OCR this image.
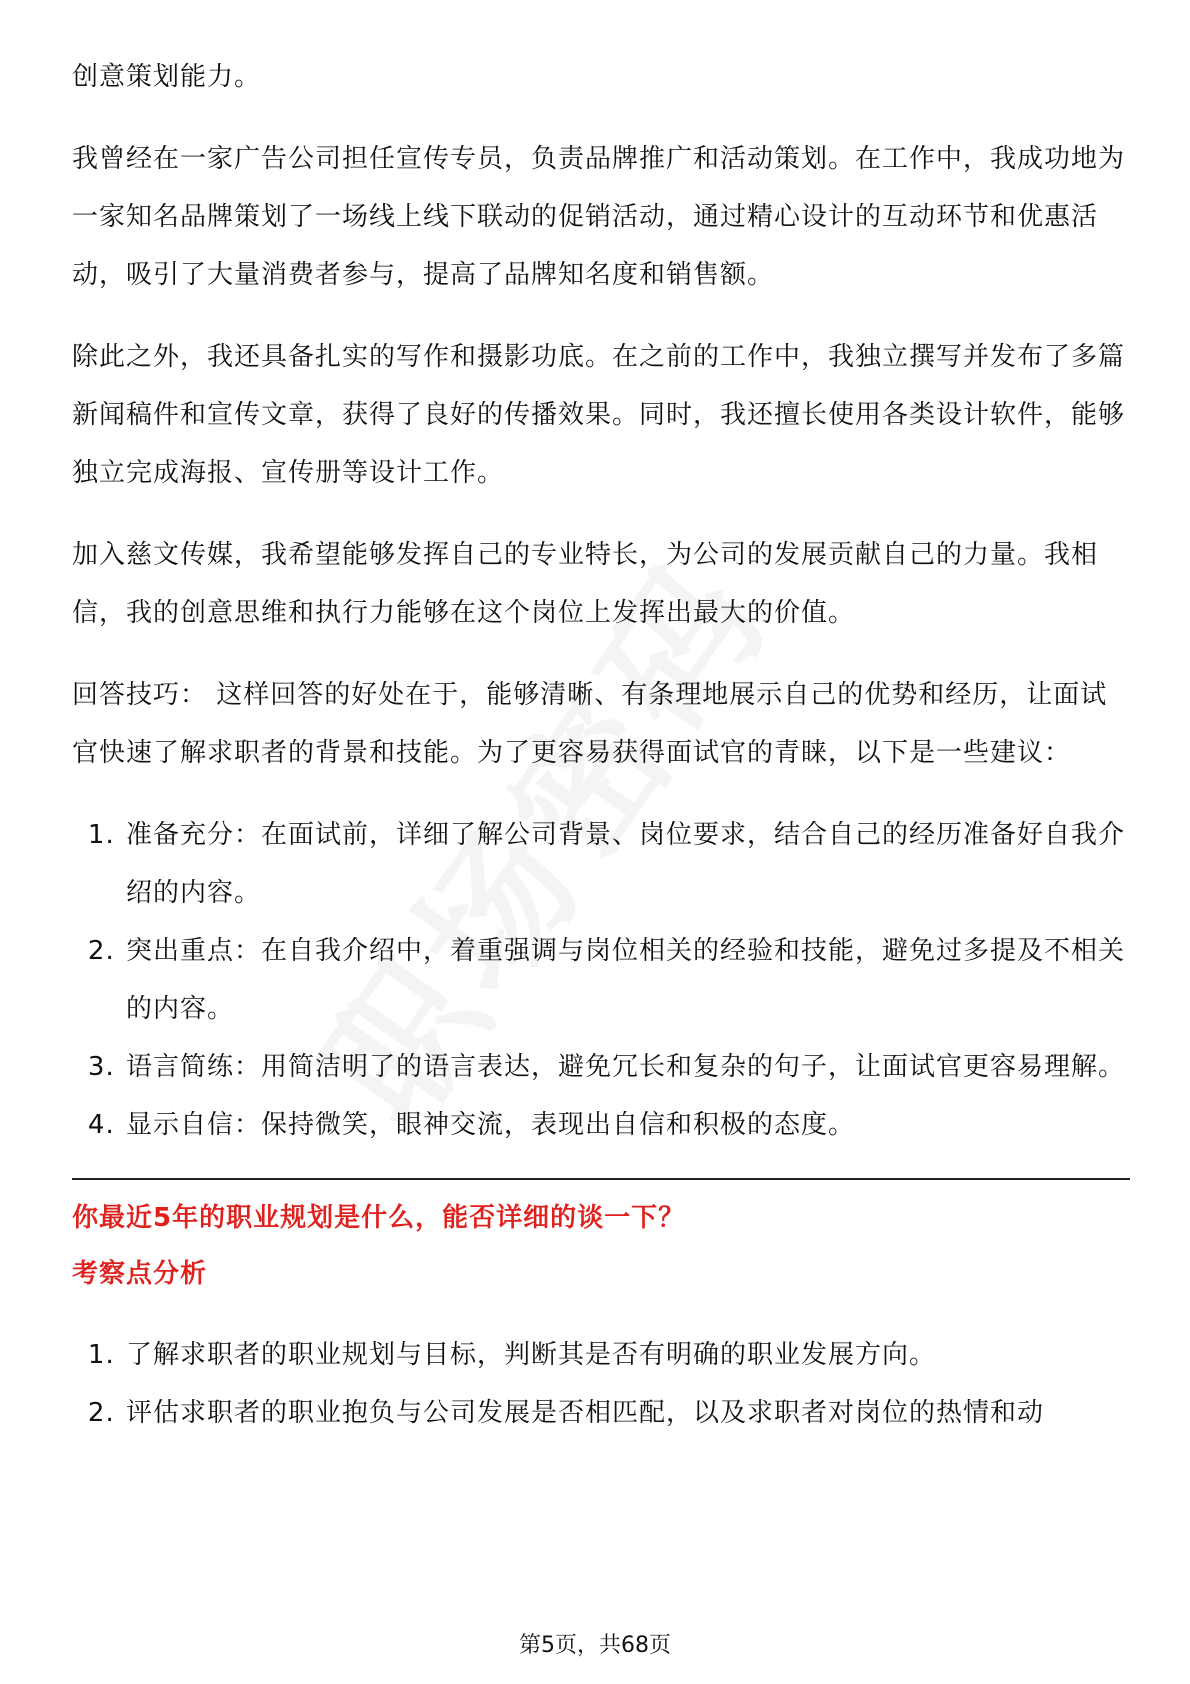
创意策划能力。

我曾经在一家广告公司担任宣传专员，负责品牌推广和活动策划。在工作中，我成功地为一家知名品牌策划了一场线上线下联动的促销活动，通过精心设计的互动环节和优惠活动，吸引了大量消费者参与，提高了品牌知名度和销售额。

除此之外，我还具备扎实的写作和摄影功底。在之前的工作中，我独立撰写并发布了多篇新闻稿件和宣传文章，获得了良好的传播效果。同时，我还擅长使用各类设计软件，能够独立完成海报、宣传册等设计工作。

加入慈文传媒，我希望能够发挥自己的专业特长，为公司的发展贡献自己的力量。我相信，我的创意思维和执行力能够在这个岗位上发挥出最大的价值。

回答技巧： 这样回答的好处在于，能够清晰、有条理地展示自己的优势和经历，让面试官快速了解求职者的背景和技能。为了更容易获得面试官的青睐，以下是一些建议：

1. 准备充分：在面试前，详细了解公司背景、岗位要求，结合自己的经历准备好自我介绍的内容。
2. 突出重点：在自我介绍中，着重强调与岗位相关的经验和技能，避免过多提及不相关的内容。
3. 语言简练：用简洁明了的语言表达，避免冗长和复杂的句子，让面试官更容易理解。
4. 显示自信：保持微笑，眼神交流，表现出自信和积极的态度。

你最近5年的职业规划是什么，能否详细的谈一下？

考察点分析

1. 了解求职者的职业规划与目标，判断其是否有明确的职业发展方向。
2. 评估求职者的职业抱负与公司发展是否相匹配，以及求职者对岗位的热情和动
第5页，共68页
